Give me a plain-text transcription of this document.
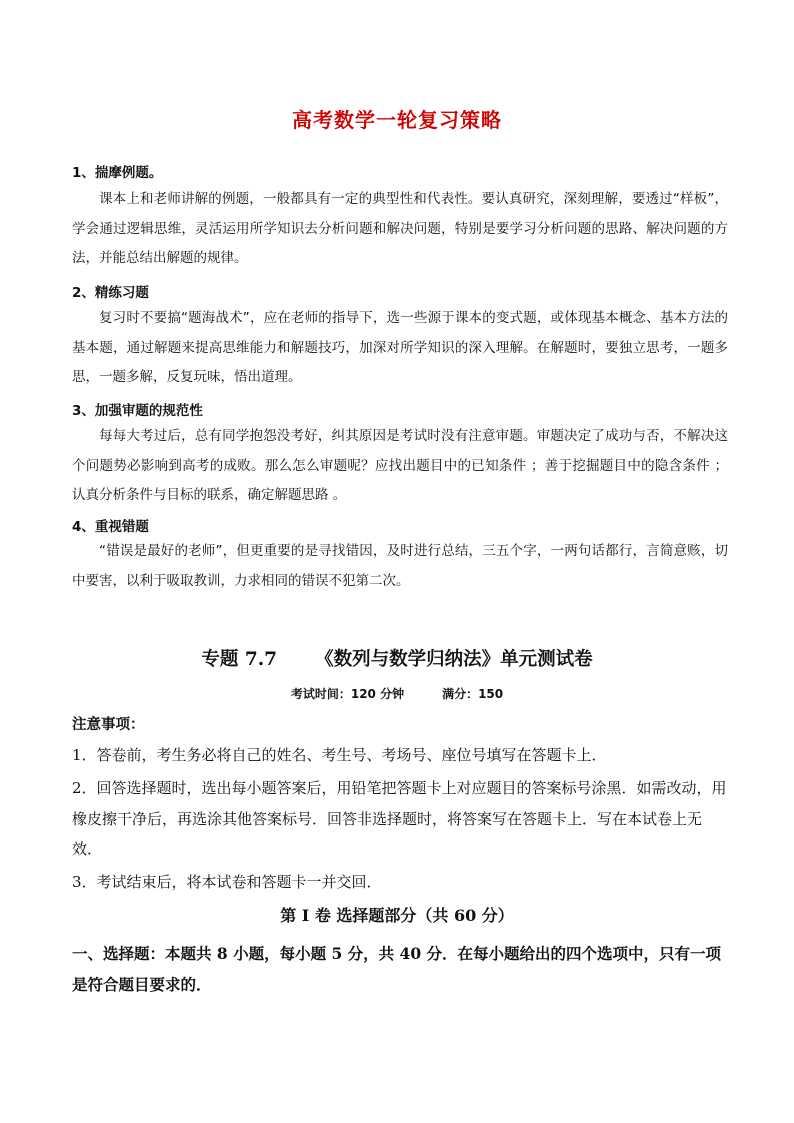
高考数学一轮复习策略
1、揣摩例题。
课本上和老师讲解的例题，一般都具有一定的典型性和代表性。要认真研究，深刻理解，要透过“样板”，学会通过逻辑思维，灵活运用所学知识去分析问题和解决问题，特别是要学习分析问题的思路、解决问题的方法，并能总结出解题的规律。
2、精练习题
复习时不要搞“题海战术”，应在老师的指导下，选一些源于课本的变式题，或体现基本概念、基本方法的基本题，通过解题来提高思维能力和解题技巧，加深对所学知识的深入理解。在解题时，要独立思考，一题多思，一题多解，反复玩味，悟出道理。
3、加强审题的规范性
每每大考过后，总有同学抱怨没考好，纠其原因是考试时没有注意审题。审题决定了成功与否，不解决这个问题势必影响到高考的成败。那么怎么审题呢？应找出题目中的已知条件 ；善于挖掘题目中的隐含条件 ；认真分析条件与目标的联系，确定解题思路 。
4、重视错题
“错误是最好的老师”，但更重要的是寻找错因，及时进行总结，三五个字，一两句话都行，言简意赅，切中要害，以利于吸取教训，力求相同的错误不犯第二次。
专题 7.7 《数列与数学归纳法》单元测试卷
考试时间：120 分钟	满分：150
注意事项：
1．答卷前，考生务必将自己的姓名、考生号、考场号、座位号填写在答题卡上．
2．回答选择题时，选出每小题答案后，用铅笔把答题卡上对应题目的答案标号涂黑．如需改动，用橡皮擦干净后，再选涂其他答案标号．回答非选择题时，将答案写在答题卡上．写在本试卷上无效．
3．考试结束后，将本试卷和答题卡一并交回．
第 I 卷 选择题部分（共 60 分）
一、选择题：本题共 8 小题，每小题 5 分，共 40 分．在每小题给出的四个选项中，只有一项是符合题目要求的．
